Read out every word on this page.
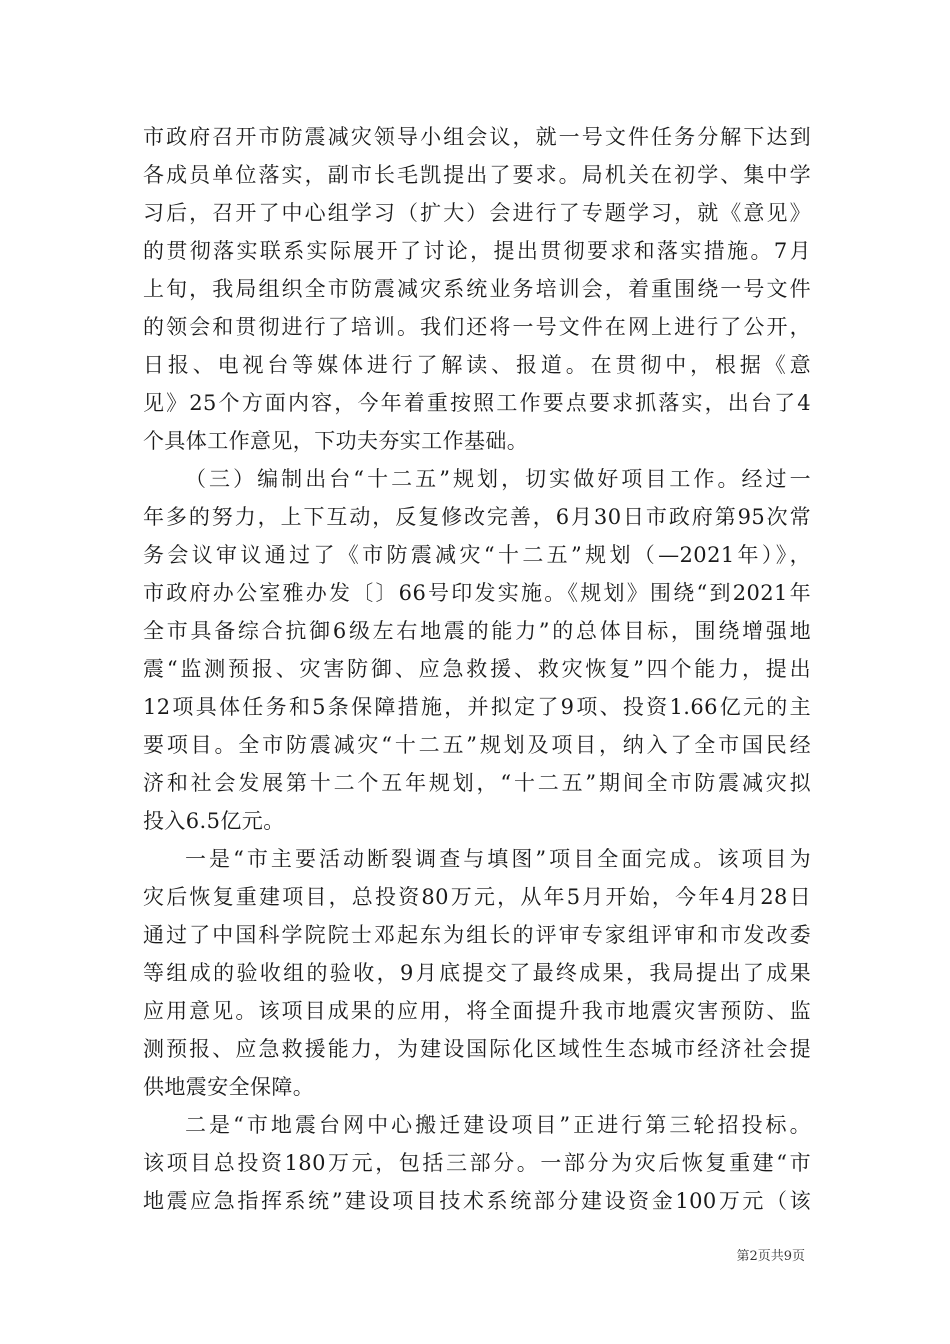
市政府召开市防震减灾领导小组会议，就一号文件任务分解下达到
各成员单位落实，副市长毛凯提出了要求。局机关在初学、集中学
习后，召开了中心组学习（扩大）会进行了专题学习，就《意见》
的贯彻落实联系实际展开了讨论，提出贯彻要求和落实措施。7月
上旬，我局组织全市防震减灾系统业务培训会，着重围绕一号文件
的领会和贯彻进行了培训。我们还将一号文件在网上进行了公开，
日报、电视台等媒体进行了解读、报道。在贯彻中，根据《意
见》25个方面内容，今年着重按照工作要点要求抓落实，出台了4
个具体工作意见，下功夫夯实工作基础。
（三）编制出台“十二五”规划，切实做好项目工作。经过一
年多的努力，上下互动，反复修改完善，6月30日市政府第95次常
务会议审议通过了《市防震减灾“十二五”规划（—2021年）》，
市政府办公室雅办发〔〕66号印发实施。《规划》围绕“到2021年
全市具备综合抗御6级左右地震的能力”的总体目标，围绕增强地
震“监测预报、灾害防御、应急救援、救灾恢复”四个能力，提出
12项具体任务和5条保障措施，并拟定了9项、投资1.66亿元的主
要项目。全市防震减灾“十二五”规划及项目，纳入了全市国民经
济和社会发展第十二个五年规划，“十二五”期间全市防震减灾拟
投入6.5亿元。
一是“市主要活动断裂调查与填图”项目全面完成。该项目为
灾后恢复重建项目，总投资80万元，从年5月开始，今年4月28日
通过了中国科学院院士邓起东为组长的评审专家组评审和市发改委
等组成的验收组的验收，9月底提交了最终成果，我局提出了成果
应用意见。该项目成果的应用，将全面提升我市地震灾害预防、监
测预报、应急救援能力，为建设国际化区域性生态城市经济社会提
供地震安全保障。
二是“市地震台网中心搬迁建设项目”正进行第三轮招投标。
该项目总投资180万元，包括三部分。一部分为灾后恢复重建“市
地震应急指挥系统”建设项目技术系统部分建设资金100万元（该
第2页共9页
